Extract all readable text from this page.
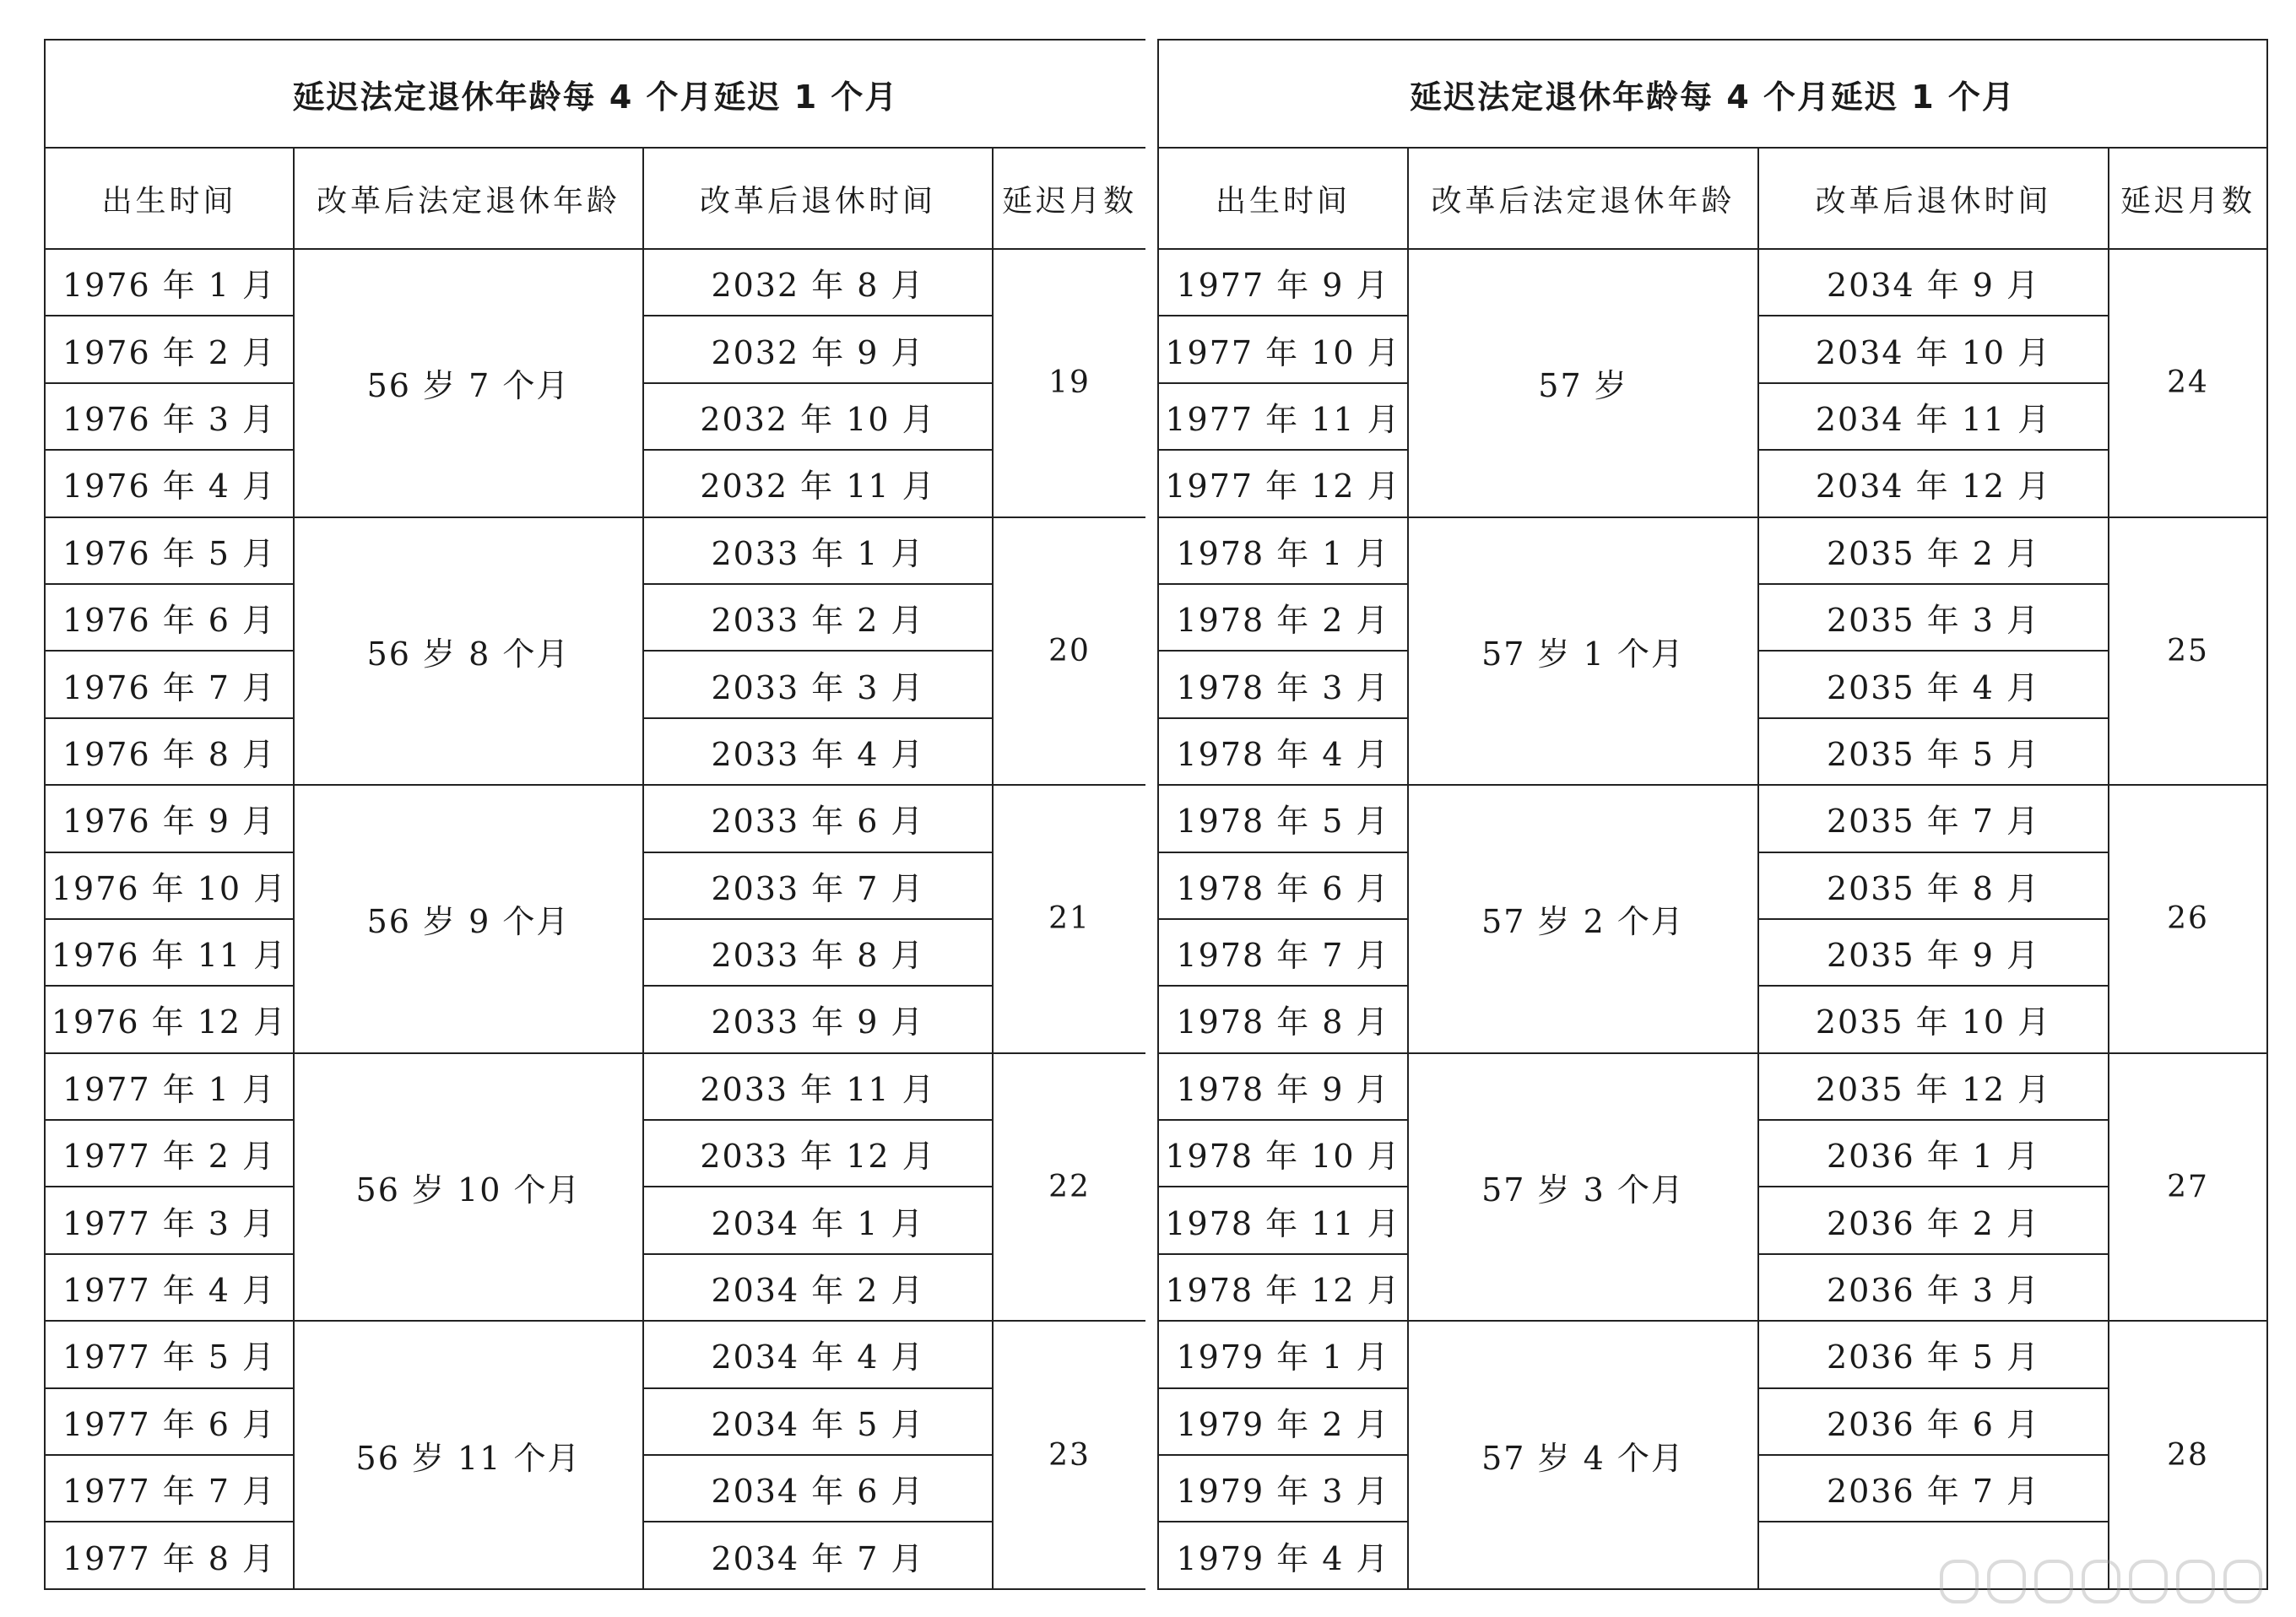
延迟法定退休年龄每 4 个月延迟 1 个月			
出生时间	改革后法定退休年龄	改革后退休时间	延迟月数
1976 年 1 月	56 岁 7 个月	2032 年 8 月	19
1976 年 2 月		2032 年 9 月	
1976 年 3 月		2032 年 10 月	
1976 年 4 月		2032 年 11 月	
1976 年 5 月	56 岁 8 个月	2033 年 1 月	20
1976 年 6 月		2033 年 2 月	
1976 年 7 月		2033 年 3 月	
1976 年 8 月		2033 年 4 月	
1976 年 9 月	56 岁 9 个月	2033 年 6 月	21
1976 年 10 月		2033 年 7 月	
1976 年 11 月		2033 年 8 月	
1976 年 12 月		2033 年 9 月	
1977 年 1 月	56 岁 10 个月	2033 年 11 月	22
1977 年 2 月		2033 年 12 月	
1977 年 3 月		2034 年 1 月	
1977 年 4 月		2034 年 2 月	
1977 年 5 月	56 岁 11 个月	2034 年 4 月	23
1977 年 6 月		2034 年 5 月	
1977 年 7 月		2034 年 6 月	
1977 年 8 月		2034 年 7 月	
延迟法定退休年龄每 4 个月延迟 1 个月			
出生时间	改革后法定退休年龄	改革后退休时间	延迟月数
1977 年 9 月	57 岁	2034 年 9 月	24
1977 年 10 月		2034 年 10 月	
1977 年 11 月		2034 年 11 月	
1977 年 12 月		2034 年 12 月	
1978 年 1 月	57 岁 1 个月	2035 年 2 月	25
1978 年 2 月		2035 年 3 月	
1978 年 3 月		2035 年 4 月	
1978 年 4 月		2035 年 5 月	
1978 年 5 月	57 岁 2 个月	2035 年 7 月	26
1978 年 6 月		2035 年 8 月	
1978 年 7 月		2035 年 9 月	
1978 年 8 月		2035 年 10 月	
1978 年 9 月	57 岁 3 个月	2035 年 12 月	27
1978 年 10 月		2036 年 1 月	
1978 年 11 月		2036 年 2 月	
1978 年 12 月		2036 年 3 月	
1979 年 1 月	57 岁 4 个月	2036 年 5 月	28
1979 年 2 月		2036 年 6 月	
1979 年 3 月		2036 年 7 月	
1979 年 4 月			
